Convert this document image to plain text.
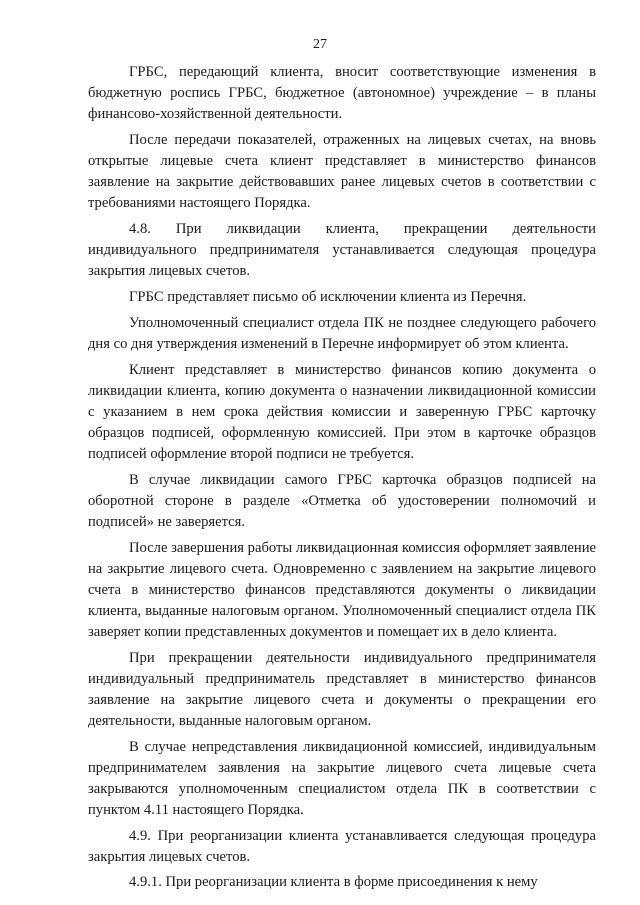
27

ГРБС, передающий клиента, вносит соответствующие изменения в бюджетную роспись ГРБС, бюджетное (автономное) учреждение – в планы финансово-хозяйственной деятельности.

После передачи показателей, отраженных на лицевых счетах, на вновь открытые лицевые счета клиент представляет в министерство финансов заявление на закрытие действовавших ранее лицевых счетов в соответствии с требованиями настоящего Порядка.

4.8. При ликвидации клиента, прекращении деятельности индивидуального предпринимателя устанавливается следующая процедура закрытия лицевых счетов.

ГРБС представляет письмо об исключении клиента из Перечня.

Уполномоченный специалист отдела ПК не позднее следующего рабочего дня со дня утверждения изменений в Перечне информирует об этом клиента.

Клиент представляет в министерство финансов копию документа о ликвидации клиента, копию документа о назначении ликвидационной комиссии с указанием в нем срока действия комиссии и заверенную ГРБС карточку образцов подписей, оформленную комиссией. При этом в карточке образцов подписей оформление второй подписи не требуется.

В случае ликвидации самого ГРБС карточка образцов подписей на оборотной стороне в разделе «Отметка об удостоверении полномочий и подписей» не заверяется.

После завершения работы ликвидационная комиссия оформляет заявление на закрытие лицевого счета. Одновременно с заявлением на закрытие лицевого счета в министерство финансов представляются документы о ликвидации клиента, выданные налоговым органом. Уполномоченный специалист отдела ПК заверяет копии представленных документов и помещает их в дело клиента.

При прекращении деятельности индивидуального предпринимателя индивидуальный предприниматель представляет в министерство финансов заявление на закрытие лицевого счета и документы о прекращении его деятельности, выданные налоговым органом.

В случае непредставления ликвидационной комиссией, индивидуальным предпринимателем заявления на закрытие лицевого счета лицевые счета закрываются уполномоченным специалистом отдела ПК в соответствии с пунктом 4.11 настоящего Порядка.

4.9. При реорганизации клиента устанавливается следующая процедура закрытия лицевых счетов.

4.9.1. При реорганизации клиента в форме присоединения к нему
